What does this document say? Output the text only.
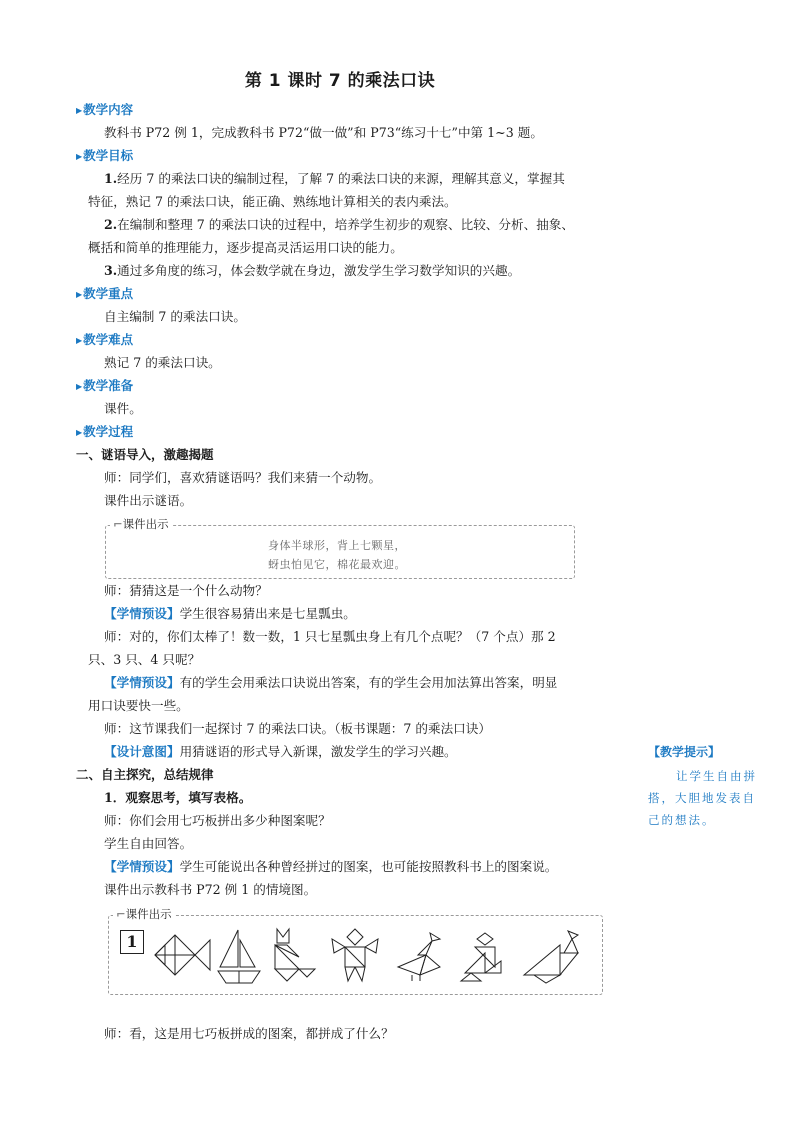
第 1 课时 7 的乘法口诀
▶教学内容
教科书 P72 例 1，完成教科书 P72“做一做”和 P73“练习十七”中第 1~3 题。
▶教学目标
1.经历 7 的乘法口诀的编制过程，了解 7 的乘法口诀的来源，理解其意义，掌握其
特征，熟记 7 的乘法口诀，能正确、熟练地计算相关的表内乘法。
2.在编制和整理 7 的乘法口诀的过程中，培养学生初步的观察、比较、分析、抽象、
概括和简单的推理能力，逐步提高灵活运用口诀的能力。
3.通过多角度的练习，体会数学就在身边，激发学生学习数学知识的兴趣。
▶教学重点
自主编制 7 的乘法口诀。
▶教学难点
熟记 7 的乘法口诀。
▶教学准备
课件。
▶教学过程
一、谜语导入，激趣揭题
师：同学们，喜欢猜谜语吗？我们来猜一个动物。
课件出示谜语。
⌐课件出示
身体半球形，背上七颗星，
蚜虫怕见它，棉花最欢迎。
师：猜猜这是一个什么动物？
【学情预设】学生很容易猜出来是七星瓢虫。
师：对的，你们太棒了！数一数，1 只七星瓢虫身上有几个点呢？（7 个点）那 2
只、3 只、4 只呢？
【学情预设】有的学生会用乘法口诀说出答案，有的学生会用加法算出答案，明显
用口诀要快一些。
师：这节课我们一起探讨 7 的乘法口诀。（板书课题：7 的乘法口诀）
【设计意图】用猜谜语的形式导入新课，激发学生的学习兴趣。
二、自主探究，总结规律
1．观察思考，填写表格。
师：你们会用七巧板拼出多少种图案呢？
学生自由回答。
【学情预设】学生可能说出各种曾经拼过的图案，也可能按照教科书上的图案说。
课件出示教科书 P72 例 1 的情境图。
⌐课件出示
1
师：看，这是用七巧板拼成的图案，都拼成了什么？
【教学提示】
让学生自由拼
搭，大胆地发表自
己的想法。
